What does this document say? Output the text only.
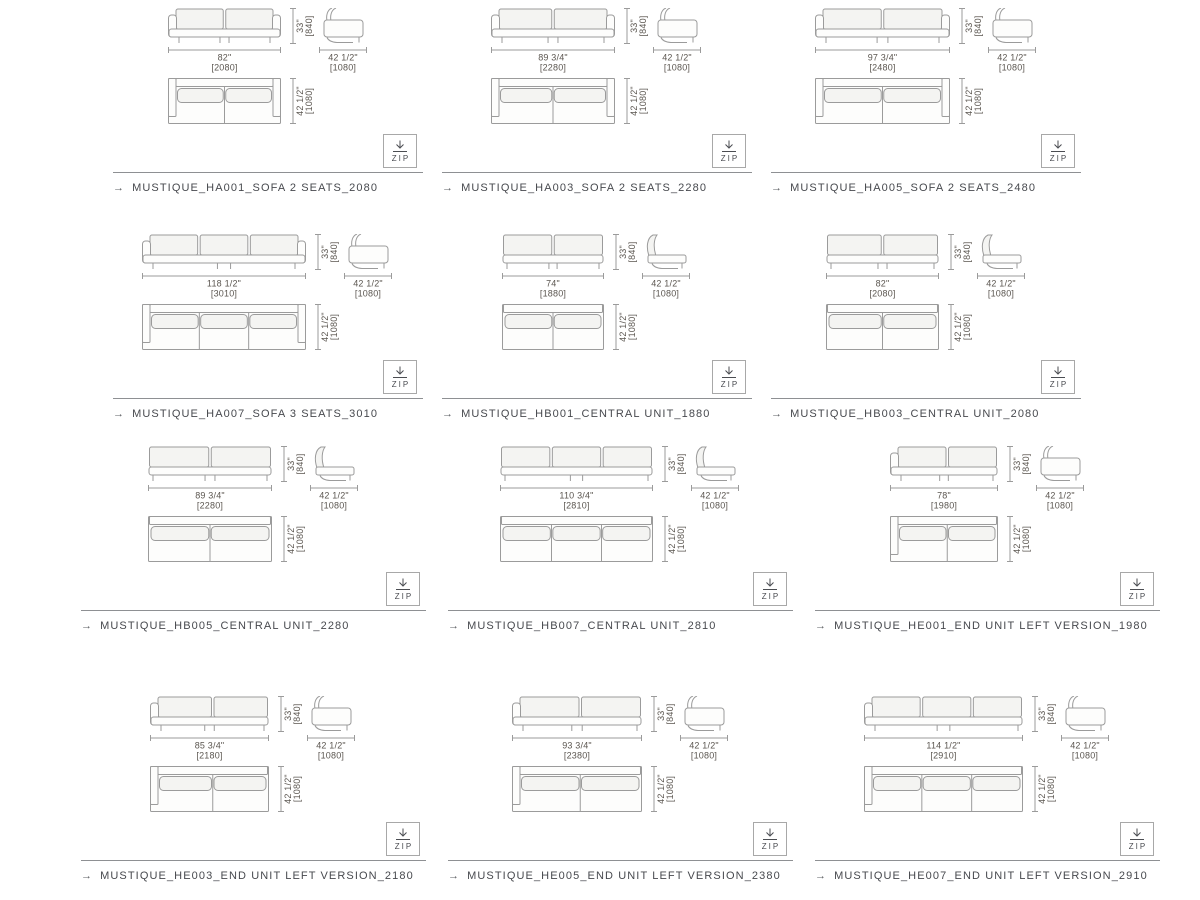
33" [840]
82"
[2080]
42 1/2"
[1080]
42 1/2" [1080]
ZIP
→ MUSTIQUE_HA001_SOFA 2 SEATS_2080
33" [840]
89 3/4"
[2280]
42 1/2"
[1080]
42 1/2" [1080]
ZIP
→ MUSTIQUE_HA003_SOFA 2 SEATS_2280
33" [840]
97 3/4"
[2480]
42 1/2"
[1080]
42 1/2" [1080]
ZIP
→ MUSTIQUE_HA005_SOFA 2 SEATS_2480
33" [840]
118 1/2"
[3010]
42 1/2"
[1080]
42 1/2" [1080]
ZIP
→ MUSTIQUE_HA007_SOFA 3 SEATS_3010
33" [840]
74"
[1880]
42 1/2"
[1080]
42 1/2" [1080]
ZIP
→ MUSTIQUE_HB001_CENTRAL UNIT_1880
33" [840]
82"
[2080]
42 1/2"
[1080]
42 1/2" [1080]
ZIP
→ MUSTIQUE_HB003_CENTRAL UNIT_2080
33" [840]
89 3/4"
[2280]
42 1/2"
[1080]
42 1/2" [1080]
ZIP
→ MUSTIQUE_HB005_CENTRAL UNIT_2280
33" [840]
110 3/4"
[2810]
42 1/2"
[1080]
42 1/2" [1080]
ZIP
→ MUSTIQUE_HB007_CENTRAL UNIT_2810
33" [840]
78"
[1980]
42 1/2"
[1080]
42 1/2" [1080]
ZIP
→ MUSTIQUE_HE001_END UNIT LEFT VERSION_1980
33" [840]
85 3/4"
[2180]
42 1/2"
[1080]
42 1/2" [1080]
ZIP
→ MUSTIQUE_HE003_END UNIT LEFT VERSION_2180
33" [840]
93 3/4"
[2380]
42 1/2"
[1080]
42 1/2" [1080]
ZIP
→ MUSTIQUE_HE005_END UNIT LEFT VERSION_2380
33" [840]
114 1/2"
[2910]
42 1/2"
[1080]
42 1/2" [1080]
ZIP
→ MUSTIQUE_HE007_END UNIT LEFT VERSION_2910
